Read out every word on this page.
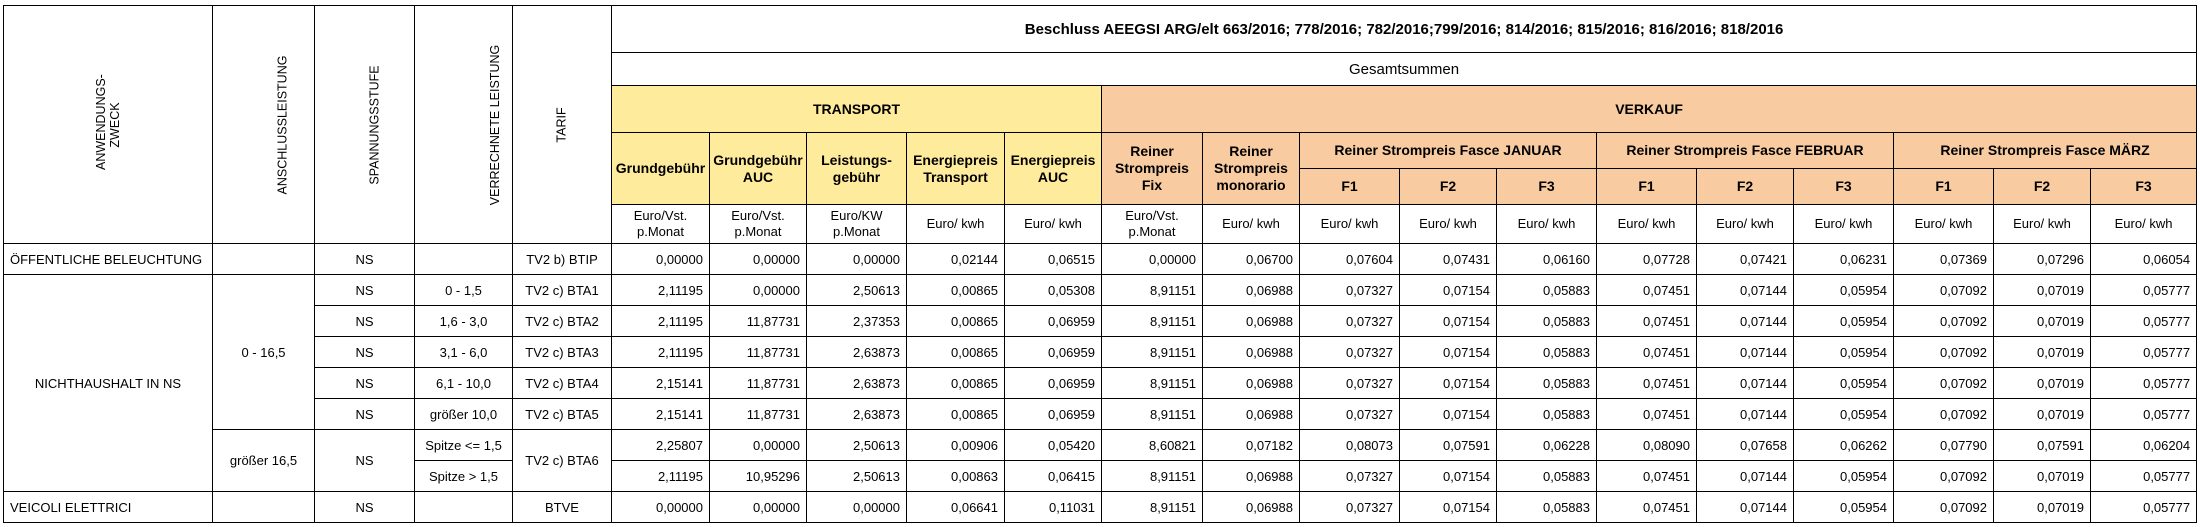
ANWENDUNGS-ZWECK	ANSCHLUSSLEISTUNG	SPANNUNGSSTUFE	VERRECHNETE LEISTUNG	TARIF	Beschluss AEEGSI ARG/elt 663/2016; 778/2016; 782/2016;799/2016; 814/2016; 815/2016; 816/2016; 818/2016															
					Gesamtsummen															
					TRANSPORT					VERKAUF										
					Grundgebühr	Grundgebühr AUC	Leistungs-gebühr	Energiepreis Transport	Energiepreis AUC	Reiner Strompreis Fix	Reiner Strompreis monorario	Reiner Strompreis Fasce JANUAR			Reiner Strompreis Fasce FEBRUAR			Reiner Strompreis Fasce MÄRZ		
												F1	F2	F3	F1	F2	F3	F1	F2	F3
					Euro/Vst. p.Monat	Euro/Vst. p.Monat	Euro/KW p.Monat	Euro/ kwh	Euro/ kwh	Euro/Vst. p.Monat	Euro/ kwh	Euro/ kwh	Euro/ kwh	Euro/ kwh	Euro/ kwh	Euro/ kwh	Euro/ kwh	Euro/ kwh	Euro/ kwh	Euro/ kwh
ÖFFENTLICHE BELEUCHTUNG		NS		TV2 b) BTIP	0,00000	0,00000	0,00000	0,02144	0,06515	0,00000	0,06700	0,07604	0,07431	0,06160	0,07728	0,07421	0,06231	0,07369	0,07296	0,06054
NICHTHAUSHALT IN NS	0 - 16,5	NS	0 - 1,5	TV2 c) BTA1	2,11195	0,00000	2,50613	0,00865	0,05308	8,91151	0,06988	0,07327	0,07154	0,05883	0,07451	0,07144	0,05954	0,07092	0,07019	0,05777
		NS	1,6 - 3,0	TV2 c) BTA2	2,11195	11,87731	2,37353	0,00865	0,06959	8,91151	0,06988	0,07327	0,07154	0,05883	0,07451	0,07144	0,05954	0,07092	0,07019	0,05777
		NS	3,1 - 6,0	TV2 c) BTA3	2,11195	11,87731	2,63873	0,00865	0,06959	8,91151	0,06988	0,07327	0,07154	0,05883	0,07451	0,07144	0,05954	0,07092	0,07019	0,05777
		NS	6,1 - 10,0	TV2 c) BTA4	2,15141	11,87731	2,63873	0,00865	0,06959	8,91151	0,06988	0,07327	0,07154	0,05883	0,07451	0,07144	0,05954	0,07092	0,07019	0,05777
		NS	größer 10,0	TV2 c) BTA5	2,15141	11,87731	2,63873	0,00865	0,06959	8,91151	0,06988	0,07327	0,07154	0,05883	0,07451	0,07144	0,05954	0,07092	0,07019	0,05777
	größer 16,5	NS	Spitze <= 1,5	TV2 c) BTA6	2,25807	0,00000	2,50613	0,00906	0,05420	8,60821	0,07182	0,08073	0,07591	0,06228	0,08090	0,07658	0,06262	0,07790	0,07591	0,06204
			Spitze > 1,5		2,11195	10,95296	2,50613	0,00863	0,06415	8,91151	0,06988	0,07327	0,07154	0,05883	0,07451	0,07144	0,05954	0,07092	0,07019	0,05777
VEICOLI ELETTRICI		NS		BTVE	0,00000	0,00000	0,00000	0,06641	0,11031	8,91151	0,06988	0,07327	0,07154	0,05883	0,07451	0,07144	0,05954	0,07092	0,07019	0,05777
